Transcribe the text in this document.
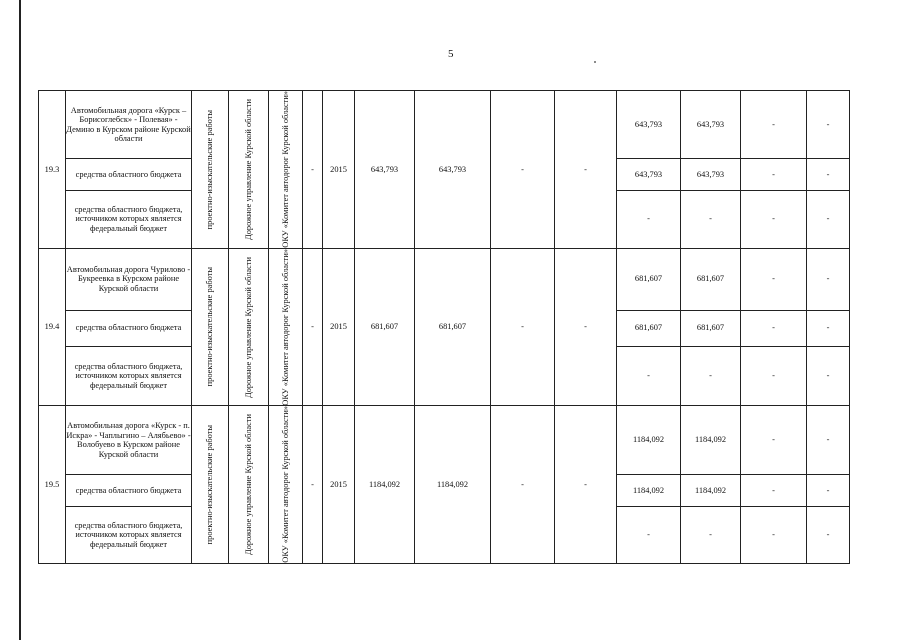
5
19.3	Автомобильная дорога «Курск – Борисоглебск» - Полевая» - Демино в Курском районе Курской области	проектно-изыскательские работы	Дорожное управление Курской области	ОКУ «Комитет автодорог Курской области»	-	2015	643,793	643,793	-	-	643,793	643,793	-	-
	средства областного бюджета										643,793	643,793	-	-
	средства областного бюджета, источником которых является федеральный бюджет										-	-	-	-
19.4	Автомобильная дорога Чурилово - Букреевка в Курском районе Курской области	проектно-изыскательские работы	Дорожное управление Курской области	ОКУ «Комитет автодорог Курской области»	-	2015	681,607	681,607	-	-	681,607	681,607	-	-
	средства областного бюджета										681,607	681,607	-	-
	средства областного бюджета, источником которых является федеральный бюджет										-	-	-	-
19.5	Автомобильная дорога «Курск - п. Искра» - Чаплыгино – Алябьево» - Волобуево в Курском районе Курской области	проектно-изыскательские работы	Дорожное управление Курской области	ОКУ «Комитет автодорог Курской области»	-	2015	1184,092	1184,092	-	-	1184,092	1184,092	-	-
	средства областного бюджета										1184,092	1184,092	-	-
	средства областного бюджета, источником которых является федеральный бюджет										-	-	-	-
